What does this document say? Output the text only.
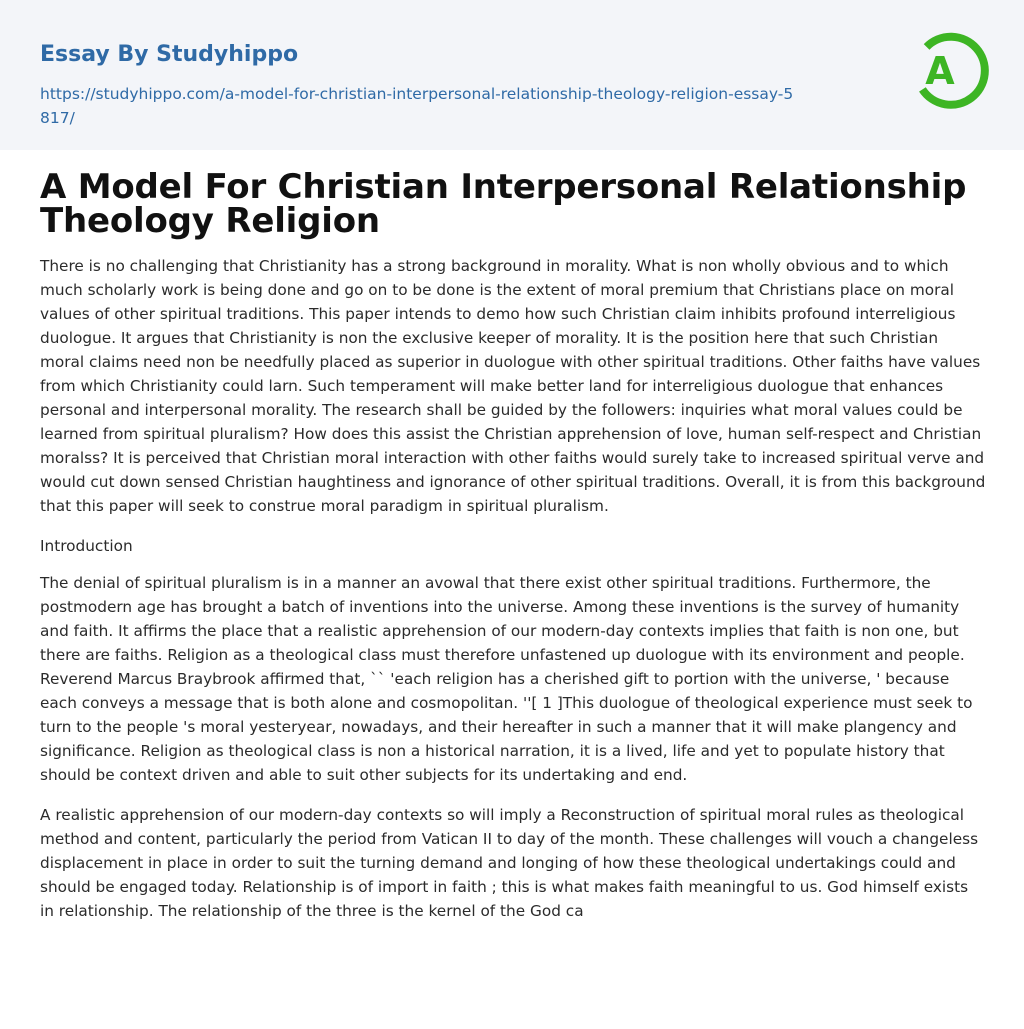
Essay By Studyhippo
https://studyhippo.com/a-model-for-christian-interpersonal-relationship-theology-religion-essay-5817/
A
A Model For Christian Interpersonal Relationship Theology Religion

There is no challenging that Christianity has a strong background in morality. What is non wholly obvious and to which much scholarly work is being done and go on to be done is the extent of moral premium that Christians place on moral values of other spiritual traditions. This paper intends to demo how such Christian claim inhibits profound interreligious duologue. It argues that Christianity is non the exclusive keeper of morality. It is the position here that such Christian moral claims need non be needfully placed as superior in duologue with other spiritual traditions. Other faiths have values from which Christianity could larn. Such temperament will make better land for interreligious duologue that enhances personal and interpersonal morality. The research shall be guided by the followers: inquiries what moral values could be learned from spiritual pluralism? How does this assist the Christian apprehension of love, human self-respect and Christian moralss? It is perceived that Christian moral interaction with other faiths would surely take to increased spiritual verve and would cut down sensed Christian haughtiness and ignorance of other spiritual traditions. Overall, it is from this background that this paper will seek to construe moral paradigm in spiritual pluralism.

Introduction

The denial of spiritual pluralism is in a manner an avowal that there exist other spiritual traditions. Furthermore, the postmodern age has brought a batch of inventions into the universe. Among these inventions is the survey of humanity and faith. It affirms the place that a realistic apprehension of our modern-day contexts implies that faith is non one, but there are faiths. Religion as a theological class must therefore unfastened up duologue with its environment and people. Reverend Marcus Braybrook affirmed that, `` 'each religion has a cherished gift to portion with the universe, ' because each conveys a message that is both alone and cosmopolitan. ''[ 1 ]This duologue of theological experience must seek to turn to the people 's moral yesteryear, nowadays, and their hereafter in such a manner that it will make plangency and significance. Religion as theological class is non a historical narration, it is a lived, life and yet to populate history that should be context driven and able to suit other subjects for its undertaking and end.

A realistic apprehension of our modern-day contexts so will imply a Reconstruction of spiritual moral rules as theological method and content, particularly the period from Vatican II to day of the month. These challenges will vouch a changeless displacement in place in order to suit the turning demand and longing of how these theological undertakings could and should be engaged today. Relationship is of import in faith ; this is what makes faith meaningful to us. God himself exists in relationship. The relationship of the three is the kernel of the God ca
